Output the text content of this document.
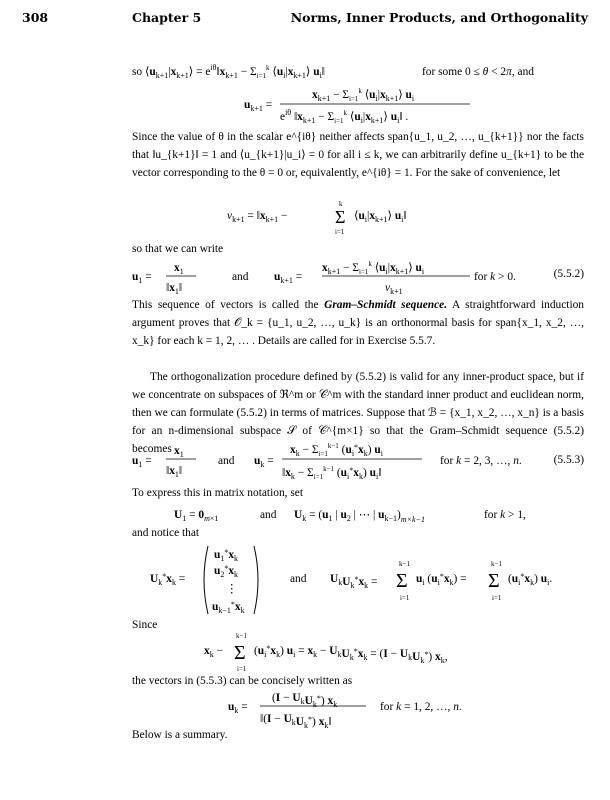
308	Chapter 5	Norms, Inner Products, and Orthogonality
so $⟨u_{k+1}|x_{k+1}⟩$ = $e^{i\theta}‖x_{k+1} - \Sigma_{i=1}^k$ $⟨u_i|x_{k+1}⟩$ $u_i‖$	for some 0 ≤ θ < 2π, and
$u_{k+1}$ =
$x_{k+1} - \Sigma_{i=1}^k$ $⟨u_i|x_{k+1}⟩$ $u_i$
$e^{i\theta}$ $‖x_{k+1} - \Sigma_{i=1}^k$ $⟨u_i|x_{k+1}⟩$ $u_i‖$ .
Since the value of θ in the scalar e^{iθ} neither affects span{u_1, u_2, …, u_{k+1}} nor the facts that ‖u_{k+1}‖ = 1 and ⟨u_{k+1}|u_i⟩ = 0 for all i ≤ k, we can arbitrarily define u_{k+1} to be the vector corresponding to the θ = 0 or, equivalently, e^{iθ} = 1. For the sake of convenience, let
$\nu_{k+1}$ = $‖x_{k+1}$ −	Σ
k
i=1
$⟨u_i|x_{k+1}⟩$ $u_i‖$
so that we can write
$u_1$ =
$x_1$
$‖x_1‖$
and $u_{k+1}$ =
$x_{k+1} - \Sigma_{i=1}^k$ $⟨u_i|x_{k+1}⟩$ $u_i$
$\nu_{k+1}$
for k > 0.	(5.5.2)
This sequence of vectors is called the Gram–Schmidt sequence. A straightforward induction argument proves that 𝒪_k = {u_1, u_2, …, u_k} is an orthonormal basis for span{x_1, x_2, …, x_k} for each k = 1, 2, … . Details are called for in Exercise 5.5.7.
The orthogonalization procedure defined by (5.5.2) is valid for any inner-product space, but if we concentrate on subspaces of ℜ^m or 𝒞^m with the standard inner product and euclidean norm, then we can formulate (5.5.2) in terms of matrices. Suppose that ℬ = {x_1, x_2, …, x_n} is a basis for an n-dimensional subspace 𝒮 of 𝒞^{m×1} so that the Gram–Schmidt sequence (5.5.2) becomes
$u_1$ =
$x_1$
$‖x_1‖$
and $u_k$ =
$x_k - \Sigma_{i=1}^{k-1}$ $(u_i^*x_k)$ $u_i$
$‖x_k - \Sigma_{i=1}^{k-1}$ $(u_i^*x_k)$ $u_i‖$
for k = 2, 3, …, n.	(5.5.3)
To express this in matrix notation, set
$U_1 = 0_m\times 1$	and $U_k = (u_1$ | $u_2$ | ⋯ | $u_{k-1})_{m\times k-1}$	for k > 1,
and notice that
$U_k^*x_k$ =
$u_1^*x_k$
$u_2^*x_k$
⋮
$u_{k-1}^*x_k$
and $U_kU_k^*x_k = \Sigma$
k−1
i=1
$u_i$ $(u_i^*x_k) = \Sigma$
k−1
i=1
$(u_i^*x_k)$ $u_i$.
Since
$x_k - \Sigma$
k−1
i=1
$(u_i^*x_k) u_i = x_k - U_kU_k^*x_k = (I - U_kU_k^*)$ $x_k$,
the vectors in (5.5.3) can be concisely written as
$u_k$ =
$(I - U_kU_k^*)$ $x_k$
‖(I − $U_kU_k^*$) $x_k‖$
for k = 1, 2, …, n.
Below is a summary.
